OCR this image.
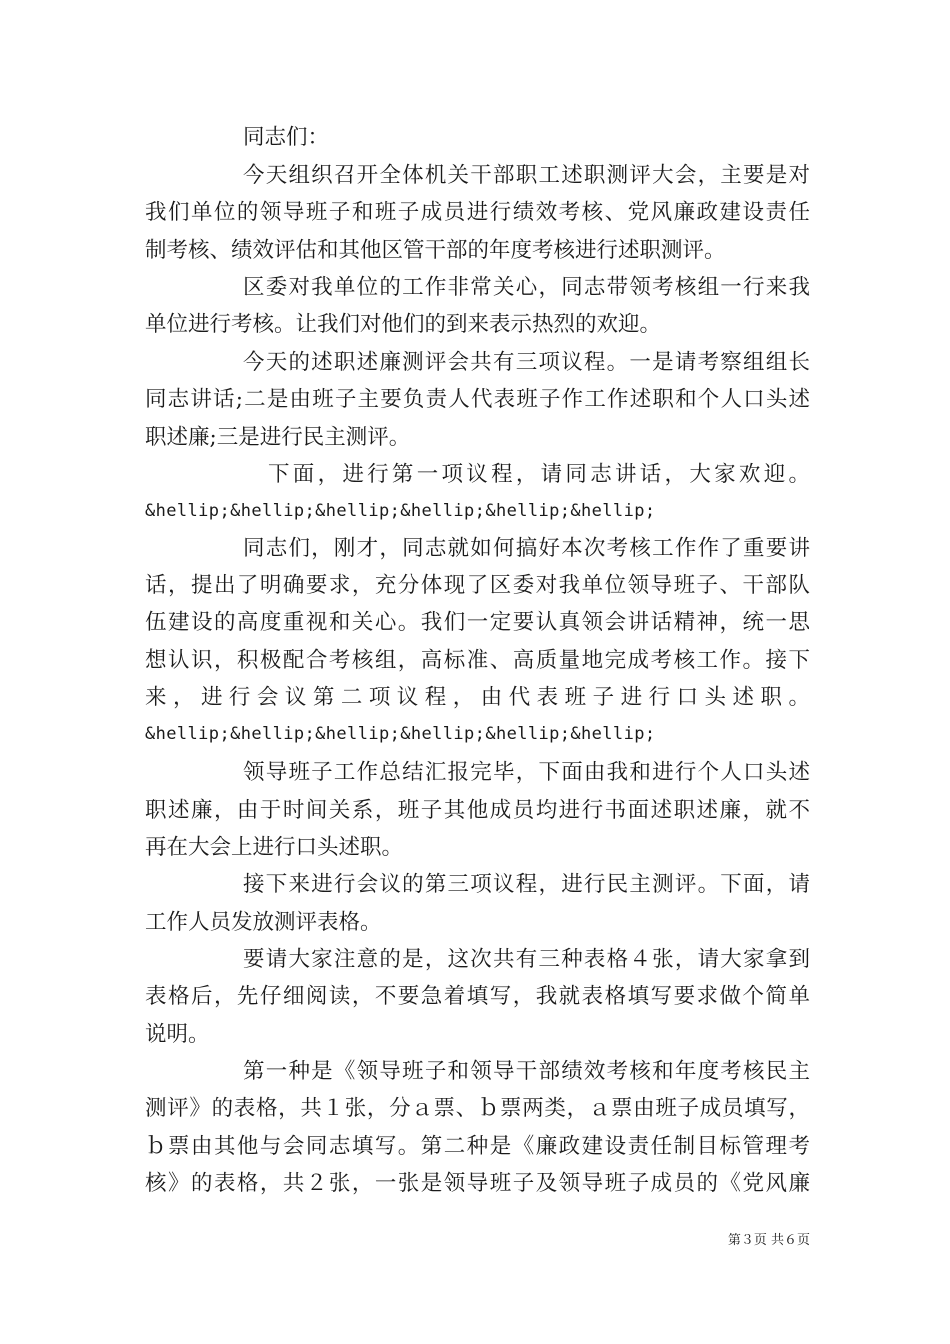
同志们：
今天组织召开全体机关干部职工述职测评大会，主要是对
我们单位的领导班子和班子成员进行绩效考核、党风廉政建设责任
制考核、绩效评估和其他区管干部的年度考核进行述职测评。
区委对我单位的工作非常关心，同志带领考核组一行来我
单位进行考核。让我们对他们的到来表示热烈的欢迎。
今天的述职述廉测评会共有三项议程。一是请考察组组长
同志讲话;二是由班子主要负责人代表班子作工作述职和个人口头述
职述廉;三是进行民主测评。
下面，进行第一项议程，请同志讲话，大家欢迎。
&hellip;&hellip;&hellip;&hellip;&hellip;&hellip;
同志们，刚才，同志就如何搞好本次考核工作作了重要讲
话，提出了明确要求，充分体现了区委对我单位领导班子、干部队
伍建设的高度重视和关心。我们一定要认真领会讲话精神，统一思
想认识，积极配合考核组，高标准、高质量地完成考核工作。接下
来，进行会议第二项议程，由代表班子进行口头述职。
&hellip;&hellip;&hellip;&hellip;&hellip;&hellip;
领导班子工作总结汇报完毕，下面由我和进行个人口头述
职述廉，由于时间关系，班子其他成员均进行书面述职述廉，就不
再在大会上进行口头述职。
接下来进行会议的第三项议程，进行民主测评。下面，请
工作人员发放测评表格。
要请大家注意的是，这次共有三种表格４张，请大家拿到
表格后，先仔细阅读，不要急着填写，我就表格填写要求做个简单
说明。
第一种是《领导班子和领导干部绩效考核和年度考核民主
测评》的表格，共１张，分ａ票、ｂ票两类，ａ票由班子成员填写，
ｂ票由其他与会同志填写。第二种是《廉政建设责任制目标管理考
核》的表格，共２张，一张是领导班子及领导班子成员的《党风廉
第３页 共６页
